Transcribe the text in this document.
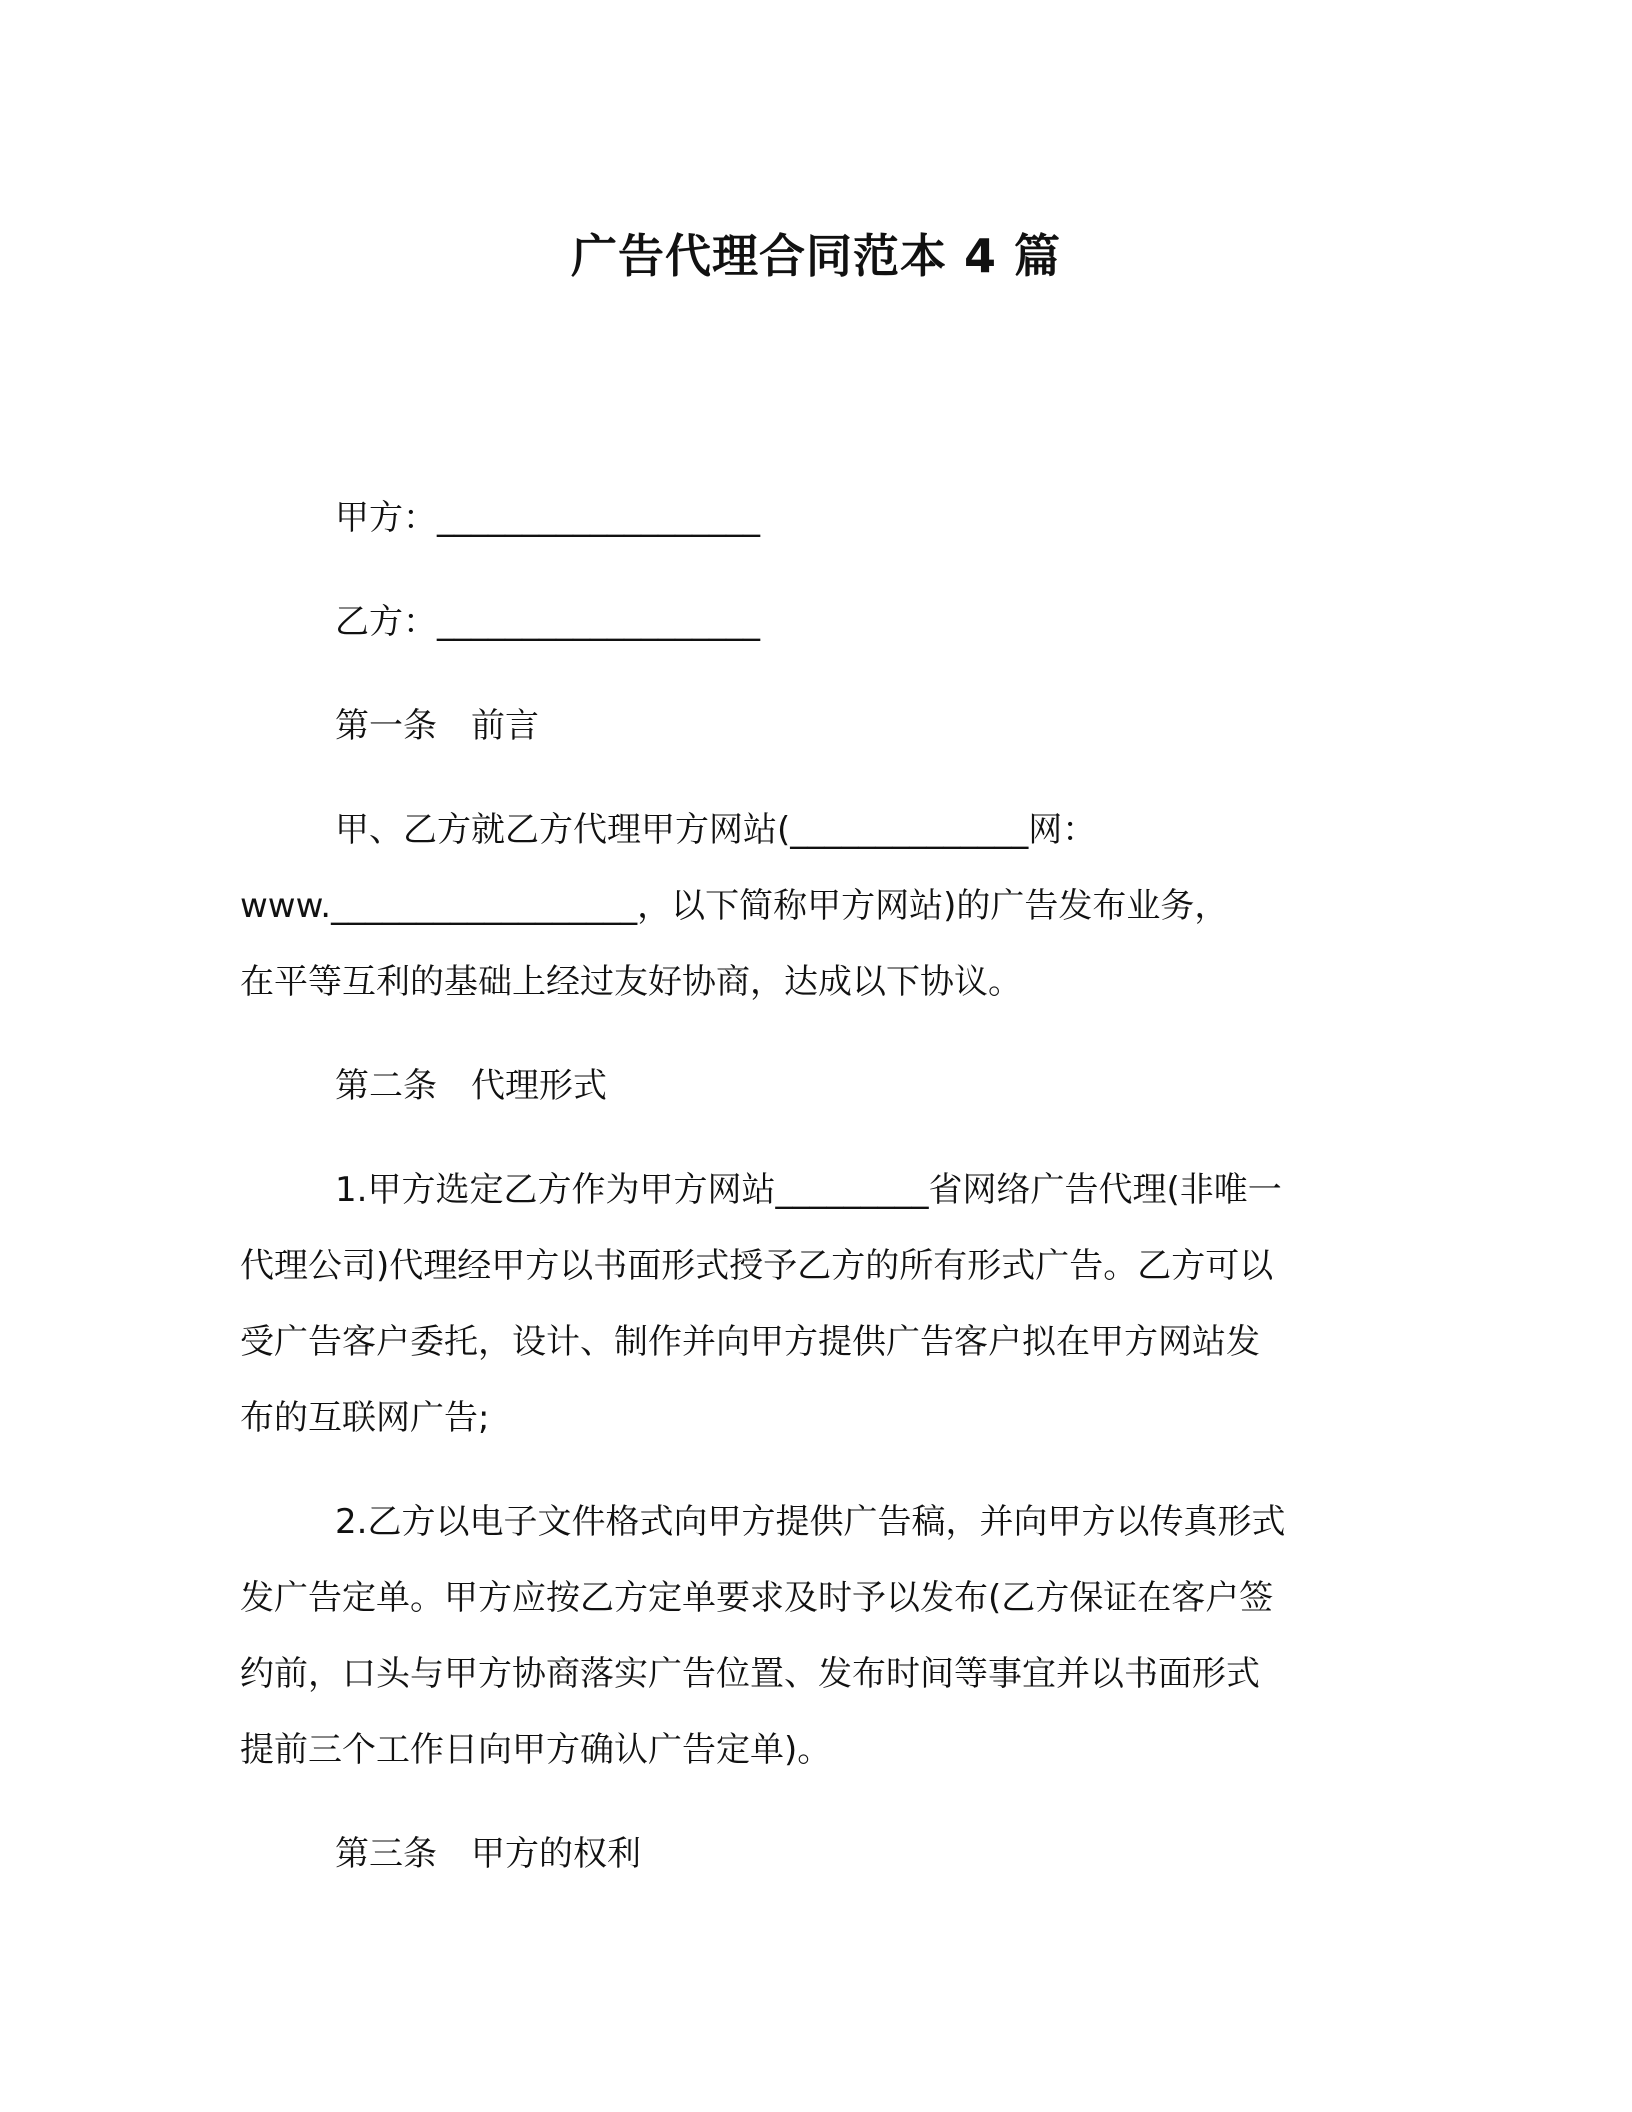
广告代理合同范本 4 篇
甲方：___________________
乙方：___________________
第一条　前言
甲、乙方就乙方代理甲方网站(______________网：
www.__________________，以下简称甲方网站)的广告发布业务，
在平等互利的基础上经过友好协商，达成以下协议。
第二条　代理形式
1.甲方选定乙方作为甲方网站_________省网络广告代理(非唯一
代理公司)代理经甲方以书面形式授予乙方的所有形式广告。乙方可以
受广告客户委托，设计、制作并向甲方提供广告客户拟在甲方网站发
布的互联网广告;
2.乙方以电子文件格式向甲方提供广告稿，并向甲方以传真形式
发广告定单。甲方应按乙方定单要求及时予以发布(乙方保证在客户签
约前，口头与甲方协商落实广告位置、发布时间等事宜并以书面形式
提前三个工作日向甲方确认广告定单)。
第三条　甲方的权利
